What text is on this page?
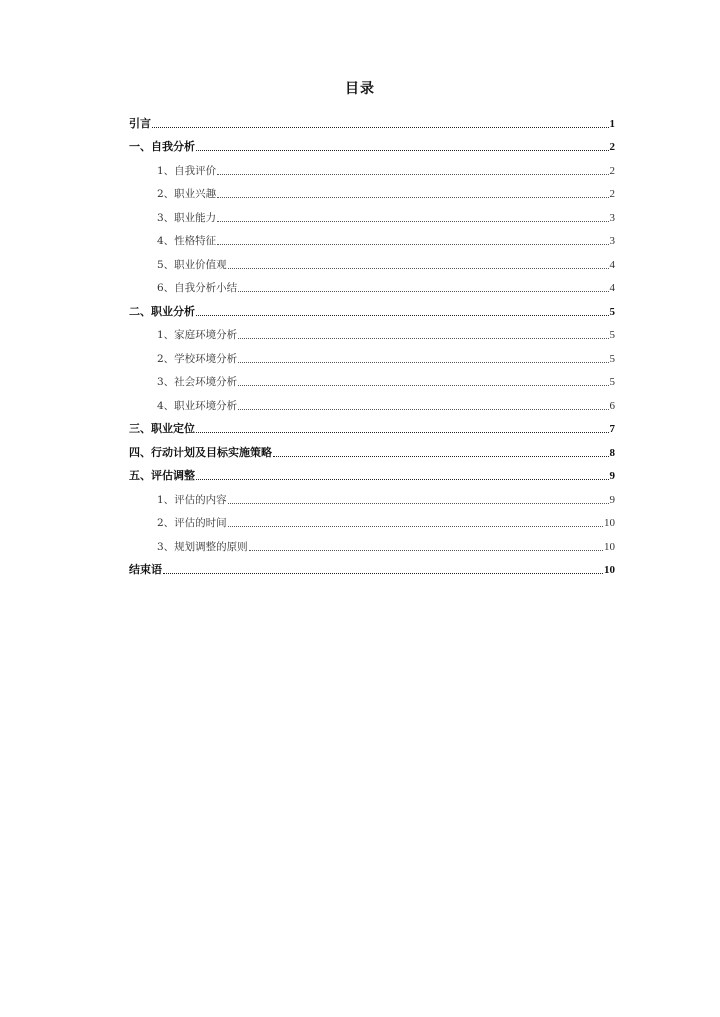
目录
引言	1
一、自我分析	2
1、自我评价	2
2、职业兴趣	2
3、职业能力	3
4、性格特征	3
5、职业价值观	4
6、自我分析小结	4
二、职业分析	5
1、家庭环境分析	5
2、学校环境分析	5
3、社会环境分析	5
4、职业环境分析	6
三、职业定位	7
四、行动计划及目标实施策略	8
五、评估调整	9
1、评估的内容	9
2、评估的时间	10
3、规划调整的原则	10
结束语	10
